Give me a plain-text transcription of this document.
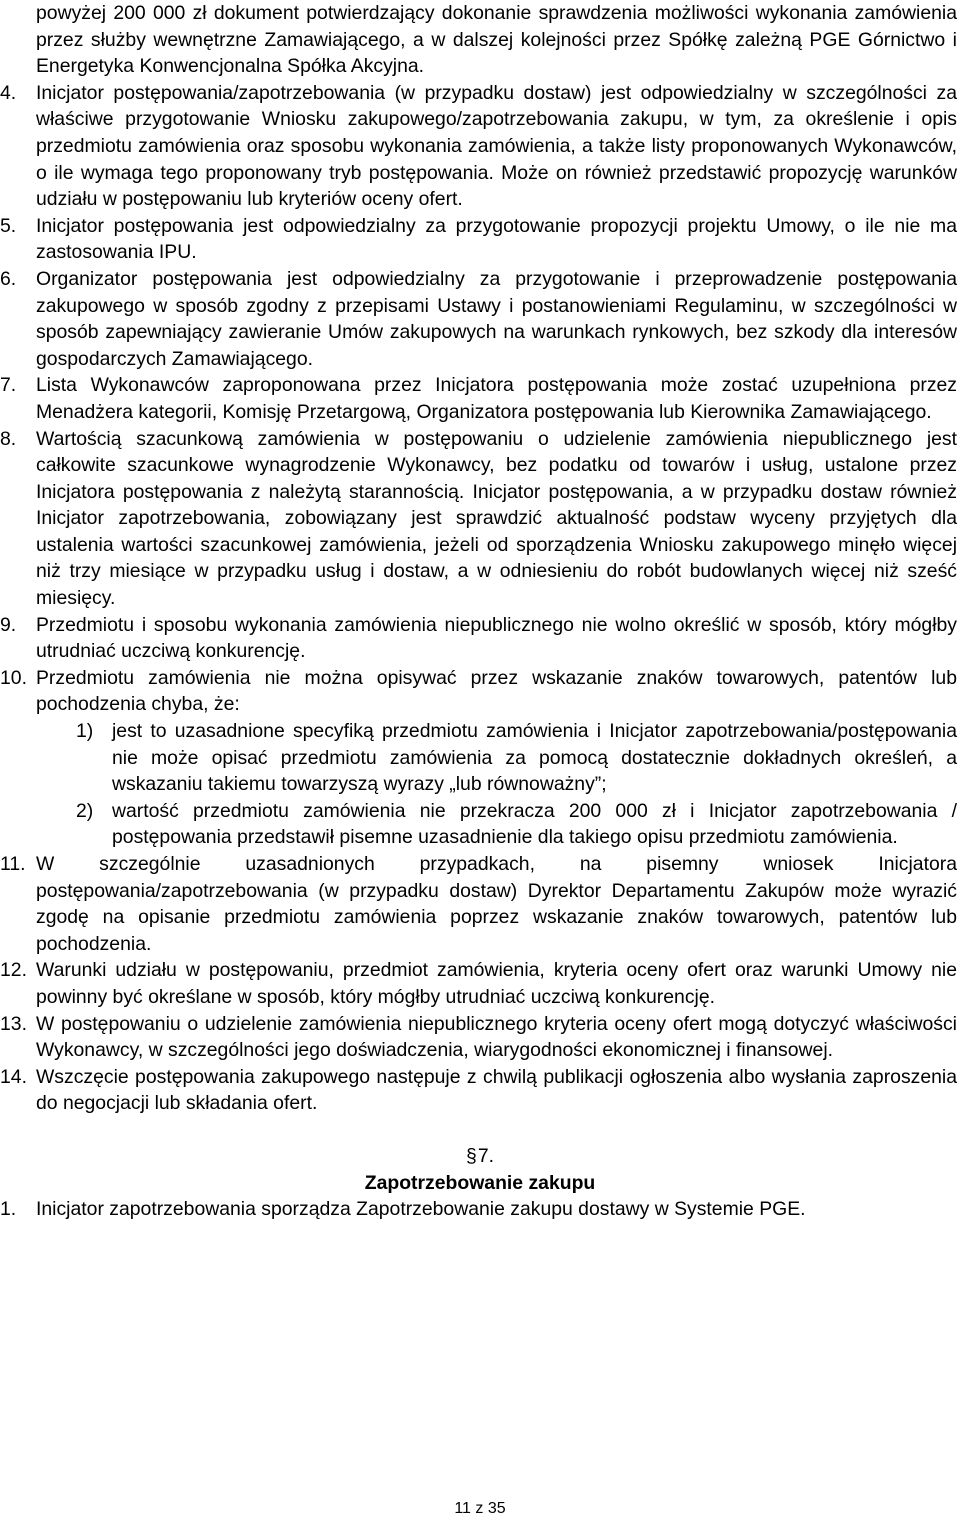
powyżej 200 000 zł dokument potwierdzający dokonanie sprawdzenia możliwości wykonania zamówienia przez służby wewnętrzne Zamawiającego, a w dalszej kolejności przez Spółkę zależną PGE Górnictwo i Energetyka Konwencjonalna Spółka Akcyjna.

4.	Inicjator postępowania/zapotrzebowania (w przypadku dostaw) jest odpowiedzialny w szczególności za właściwe przygotowanie Wniosku zakupowego/zapotrzebowania zakupu, w tym, za określenie i opis przedmiotu zamówienia oraz sposobu wykonania zamówienia, a także listy proponowanych Wykonawców, o ile wymaga tego proponowany tryb postępowania. Może on również przedstawić propozycję warunków udziału w postępowaniu lub kryteriów oceny ofert.
5.	Inicjator postępowania jest odpowiedzialny za przygotowanie propozycji projektu Umowy, o ile nie ma zastosowania IPU.
6.	Organizator postępowania jest odpowiedzialny za przygotowanie i przeprowadzenie postępowania zakupowego w sposób zgodny z przepisami Ustawy i postanowieniami Regulaminu, w szczególności w sposób zapewniający zawieranie Umów zakupowych na warunkach rynkowych, bez szkody dla interesów gospodarczych Zamawiającego.
7.	Lista Wykonawców zaproponowana przez Inicjatora postępowania może zostać uzupełniona przez Menadżera kategorii, Komisję Przetargową, Organizatora postępowania lub Kierownika Zamawiającego.
8.	Wartością szacunkową zamówienia w postępowaniu o udzielenie zamówienia niepublicznego jest całkowite szacunkowe wynagrodzenie Wykonawcy, bez podatku od towarów i usług, ustalone przez Inicjatora postępowania z należytą starannością. Inicjator postępowania, a w przypadku dostaw również Inicjator zapotrzebowania, zobowiązany jest sprawdzić aktualność podstaw wyceny przyjętych dla ustalenia wartości szacunkowej zamówienia, jeżeli od sporządzenia Wniosku zakupowego minęło więcej niż trzy miesiące w przypadku usług i dostaw, a w odniesieniu do robót budowlanych więcej niż sześć miesięcy.
9.	Przedmiotu i sposobu wykonania zamówienia niepublicznego nie wolno określić w sposób, który mógłby utrudniać uczciwą konkurencję.
10. Przedmiotu zamówienia nie można opisywać przez wskazanie znaków towarowych, patentów lub pochodzenia chyba, że:
1) jest to uzasadnione specyfiką przedmiotu zamówienia i Inicjator zapotrzebowania/postępowania nie może opisać przedmiotu zamówienia za pomocą dostatecznie dokładnych określeń, a wskazaniu takiemu towarzyszą wyrazy „lub równoważny”;
2) wartość przedmiotu zamówienia nie przekracza 200 000 zł i Inicjator zapotrzebowania / postępowania przedstawił pisemne uzasadnienie dla takiego opisu przedmiotu zamówienia.
11. W szczególnie uzasadnionych przypadkach, na pisemny wniosek Inicjatora postępowania/zapotrzebowania (w przypadku dostaw) Dyrektor Departamentu Zakupów może wyrazić zgodę na opisanie przedmiotu zamówienia poprzez wskazanie znaków towarowych, patentów lub pochodzenia.
12. Warunki udziału w postępowaniu, przedmiot zamówienia, kryteria oceny ofert oraz warunki Umowy nie powinny być określane w sposób, który mógłby utrudniać uczciwą konkurencję.
13. W postępowaniu o udzielenie zamówienia niepublicznego kryteria oceny ofert mogą dotyczyć właściwości Wykonawcy, w szczególności jego doświadczenia, wiarygodności ekonomicznej i finansowej.
14. Wszczęcie postępowania zakupowego następuje z chwilą publikacji ogłoszenia albo wysłania zaproszenia do negocjacji lub składania ofert.
§7.
Zapotrzebowanie zakupu
1.	Inicjator zapotrzebowania sporządza Zapotrzebowanie zakupu dostawy w Systemie PGE.
11 z 35
